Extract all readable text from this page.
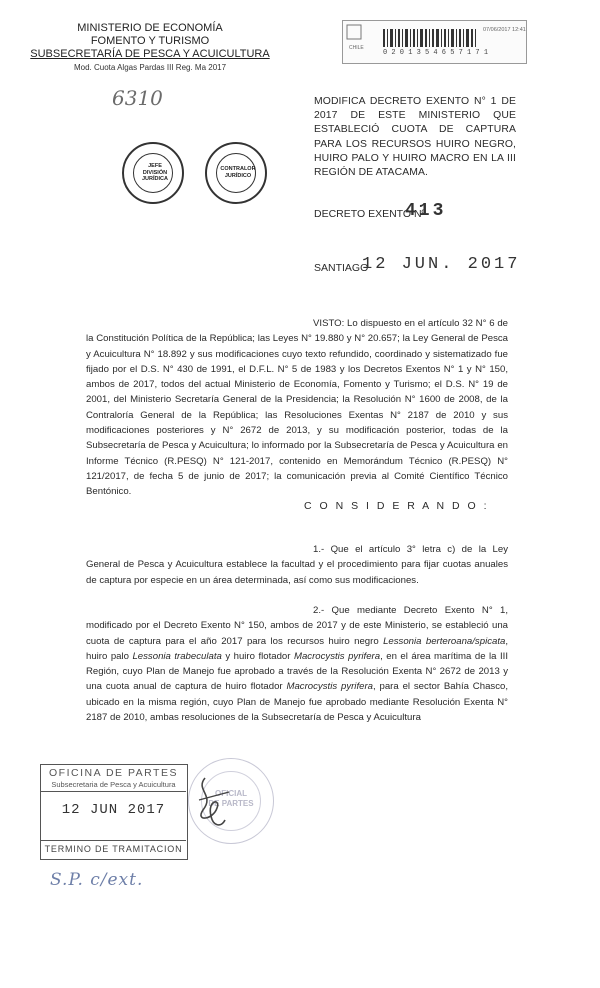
MINISTERIO DE ECONOMÍA
FOMENTO Y TURISMO
SUBSECRETARÍA DE PESCA Y ACUICULTURA
Mod. Cuota Algas Pardas III Reg. Ma 2017
6310
CHILE
07/06/2017 12:41
0 2 0 1 3 5 4 6 5 7 1 7 1
JEFE
DIVISIÓN
JURÍDICA
CONTRALOR
JURÍDICO
MODIFICA DECRETO EXENTO N° 1 DE 2017 DE ESTE MINISTERIO QUE ESTABLECIÓ CUOTA DE CAPTURA PARA LOS RECURSOS HUIRO NEGRO, HUIRO PALO Y HUIRO MACRO EN LA III REGIÓN DE ATACAMA.
DECRETO EXENTO Nº
413
SANTIAGO
12 JUN. 2017
VISTO: Lo dispuesto en el artículo 32 N° 6 de la Constitución Política de la República; las Leyes N° 19.880 y N° 20.657; la Ley General de Pesca y Acuicultura N° 18.892 y sus modificaciones cuyo texto refundido, coordinado y sistematizado fue fijado por el D.S. N° 430 de 1991, el D.F.L. N° 5 de 1983 y los Decretos Exentos N° 1 y N° 150, ambos de 2017, todos del actual Ministerio de Economía, Fomento y Turismo; el D.S. N° 19 de 2001, del Ministerio Secretaría General de la Presidencia; la Resolución N° 1600 de 2008, de la Contraloría General de la República; las Resoluciones Exentas N° 2187 de 2010 y sus modificaciones posteriores y N° 2672 de 2013, y su modificación posterior, todas de la Subsecretaría de Pesca y Acuicultura; lo informado por la Subsecretaría de Pesca y Acuicultura en Informe Técnico (R.PESQ) N° 121-2017, contenido en Memorándum Técnico (R.PESQ) N° 121/2017, de fecha 5 de junio de 2017; la comunicación previa al Comité Científico Técnico Bentónico.
C O N S I D E R A N D O :
1.- Que el artículo 3° letra c) de la Ley General de Pesca y Acuicultura establece la facultad y el procedimiento para fijar cuotas anuales de captura por especie en un área determinada, así como sus modificaciones.
2.- Que mediante Decreto Exento N° 1, modificado por el Decreto Exento N° 150, ambos de 2017 y de este Ministerio, se estableció una cuota de captura para el año 2017 para los recursos huiro negro Lessonia berteroana/spicata, huiro palo Lessonia trabeculata y huiro flotador Macrocystis pyrifera, en el área marítima de la III Región, cuyo Plan de Manejo fue aprobado a través de la Resolución Exenta N° 2672 de 2013 y una cuota anual de captura de huiro flotador Macrocystis pyrifera, para el sector Bahía Chasco, ubicado en la misma región, cuyo Plan de Manejo fue aprobado mediante Resolución Exenta N° 2187 de 2010, ambas resoluciones de la Subsecretaría de Pesca y Acuicultura
OFICINA DE PARTES
Subsecretaria de Pesca y Acuicultura
12 JUN 2017
TERMINO DE TRAMITACION
OFICIAL
DE PARTES
S.P. c/ext.
